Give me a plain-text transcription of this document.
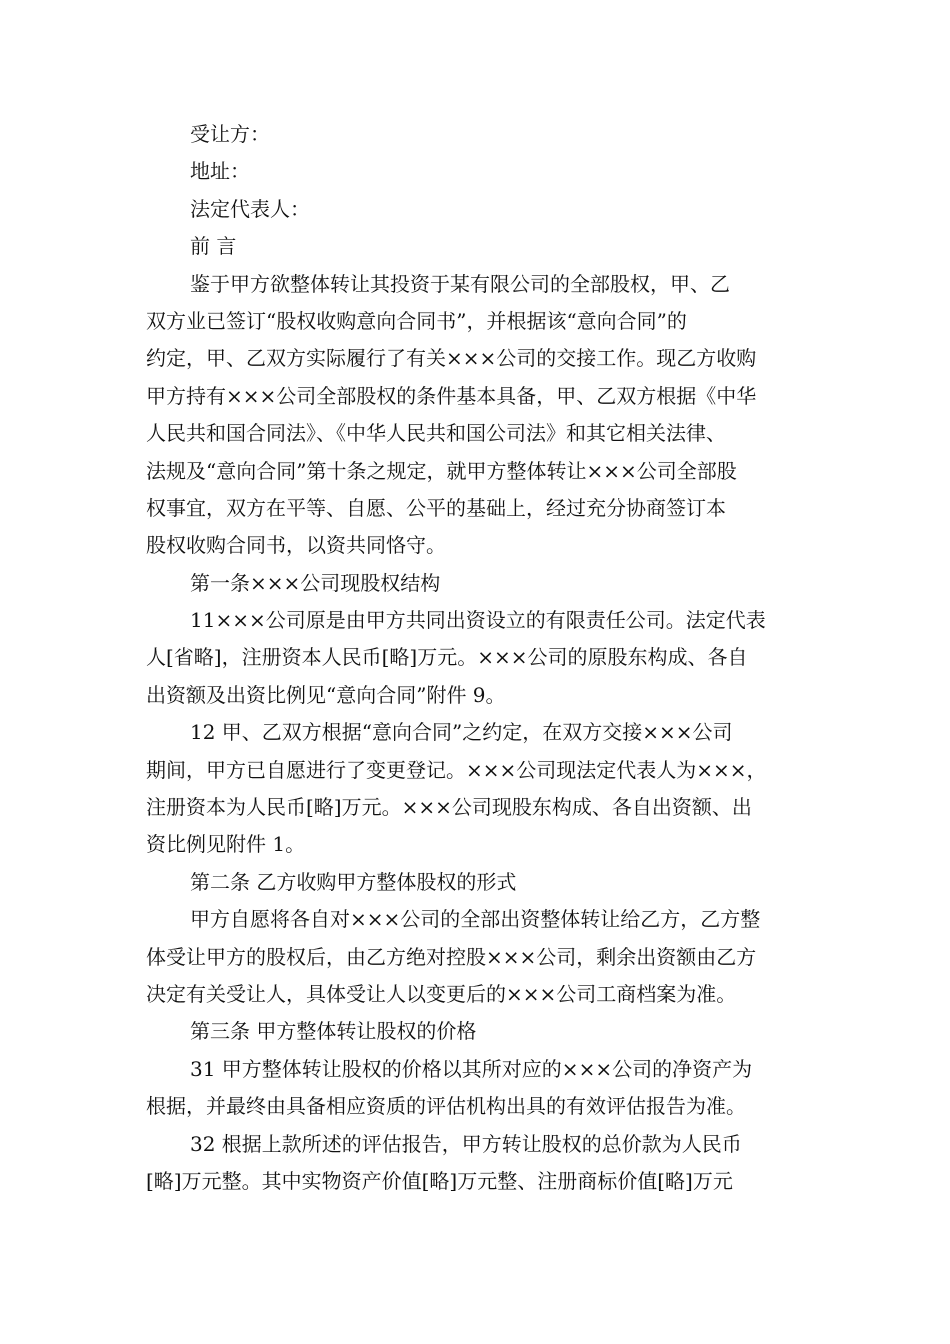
受让方：
地址：
法定代表人：
前 言
鉴于甲方欲整体转让其投资于某有限公司的全部股权，甲、乙
双方业已签订“股权收购意向合同书”，并根据该“意向合同”的
约定，甲、乙双方实际履行了有关×××公司的交接工作。现乙方收购
甲方持有×××公司全部股权的条件基本具备，甲、乙双方根据《中华
人民共和国合同法》、《中华人民共和国公司法》和其它相关法律、
法规及“意向合同”第十条之规定，就甲方整体转让×××公司全部股
权事宜，双方在平等、自愿、公平的基础上，经过充分协商签订本
股权收购合同书，以资共同恪守。
第一条×××公司现股权结构
11×××公司原是由甲方共同出资设立的有限责任公司。法定代表
人[省略]，注册资本人民币[略]万元。×××公司的原股东构成、各自
出资额及出资比例见“意向合同”附件 9。
12 甲、乙双方根据“意向合同”之约定，在双方交接×××公司
期间，甲方已自愿进行了变更登记。×××公司现法定代表人为×××，
注册资本为人民币[略]万元。×××公司现股东构成、各自出资额、出
资比例见附件 1。
第二条 乙方收购甲方整体股权的形式
甲方自愿将各自对×××公司的全部出资整体转让给乙方，乙方整
体受让甲方的股权后，由乙方绝对控股×××公司，剩余出资额由乙方
决定有关受让人，具体受让人以变更后的×××公司工商档案为准。
第三条 甲方整体转让股权的价格
31 甲方整体转让股权的价格以其所对应的×××公司的净资产为
根据，并最终由具备相应资质的评估机构出具的有效评估报告为准。
32 根据上款所述的评估报告，甲方转让股权的总价款为人民币
[略]万元整。其中实物资产价值[略]万元整、注册商标价值[略]万元
